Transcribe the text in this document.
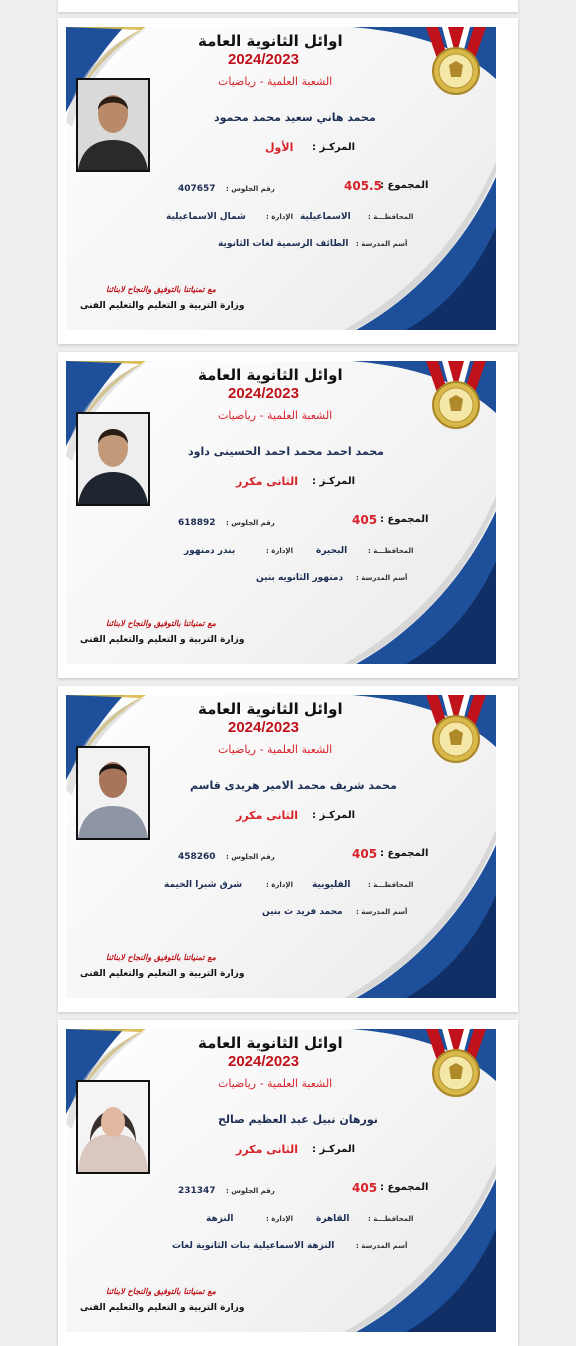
اوائل الثانوية العامة
2024/2023
الشعبة العلمية - رياضيات
محمد هاني سعيد محمد محمود
المركـز :
الأول
المجموع :
405.5
رقم الجلوس :
407657
المحافظـــة :
الاسماعيلية
الإدارة :
شمال الاسماعيلية
أسم المدرسة :
الطائف الرسمية لغات الثانوية
مع تمنياتنا بالتوفيق والنجاح لابنائنا
وزارة التربية و التعليم والتعليم الفنى
اوائل الثانوية العامة
2024/2023
الشعبة العلمية - رياضيات
محمد احمد محمد احمد الحسينى داود
المركـز :
الثانى مكرر
المجموع :
405
رقم الجلوس :
618892
المحافظـــة :
البحيرة
الإدارة :
بندر دمنهور
أسم المدرسة :
دمنهور الثانويه بنين
مع تمنياتنا بالتوفيق والنجاح لابنائنا
وزارة التربية و التعليم والتعليم الفنى
اوائل الثانوية العامة
2024/2023
الشعبة العلمية - رياضيات
محمد شريف محمد الامير هريدى قاسم
المركـز :
الثانى مكرر
المجموع :
405
رقم الجلوس :
458260
المحافظـــة :
القليوبية
الإدارة :
شرق شبرا الخيمة
أسم المدرسة :
محمد فريد ث بنين
مع تمنياتنا بالتوفيق والنجاح لابنائنا
وزارة التربية و التعليم والتعليم الفنى
اوائل الثانوية العامة
2024/2023
الشعبة العلمية - رياضيات
نورهان نبيل عبد العظيم صالح
المركـز :
الثانى مكرر
المجموع :
405
رقم الجلوس :
231347
المحافظـــة :
القاهرة
الإدارة :
النزهة
أسم المدرسة :
النزهة الاسماعيلية بنات الثانوية لغات
مع تمنياتنا بالتوفيق والنجاح لابنائنا
وزارة التربية و التعليم والتعليم الفنى
